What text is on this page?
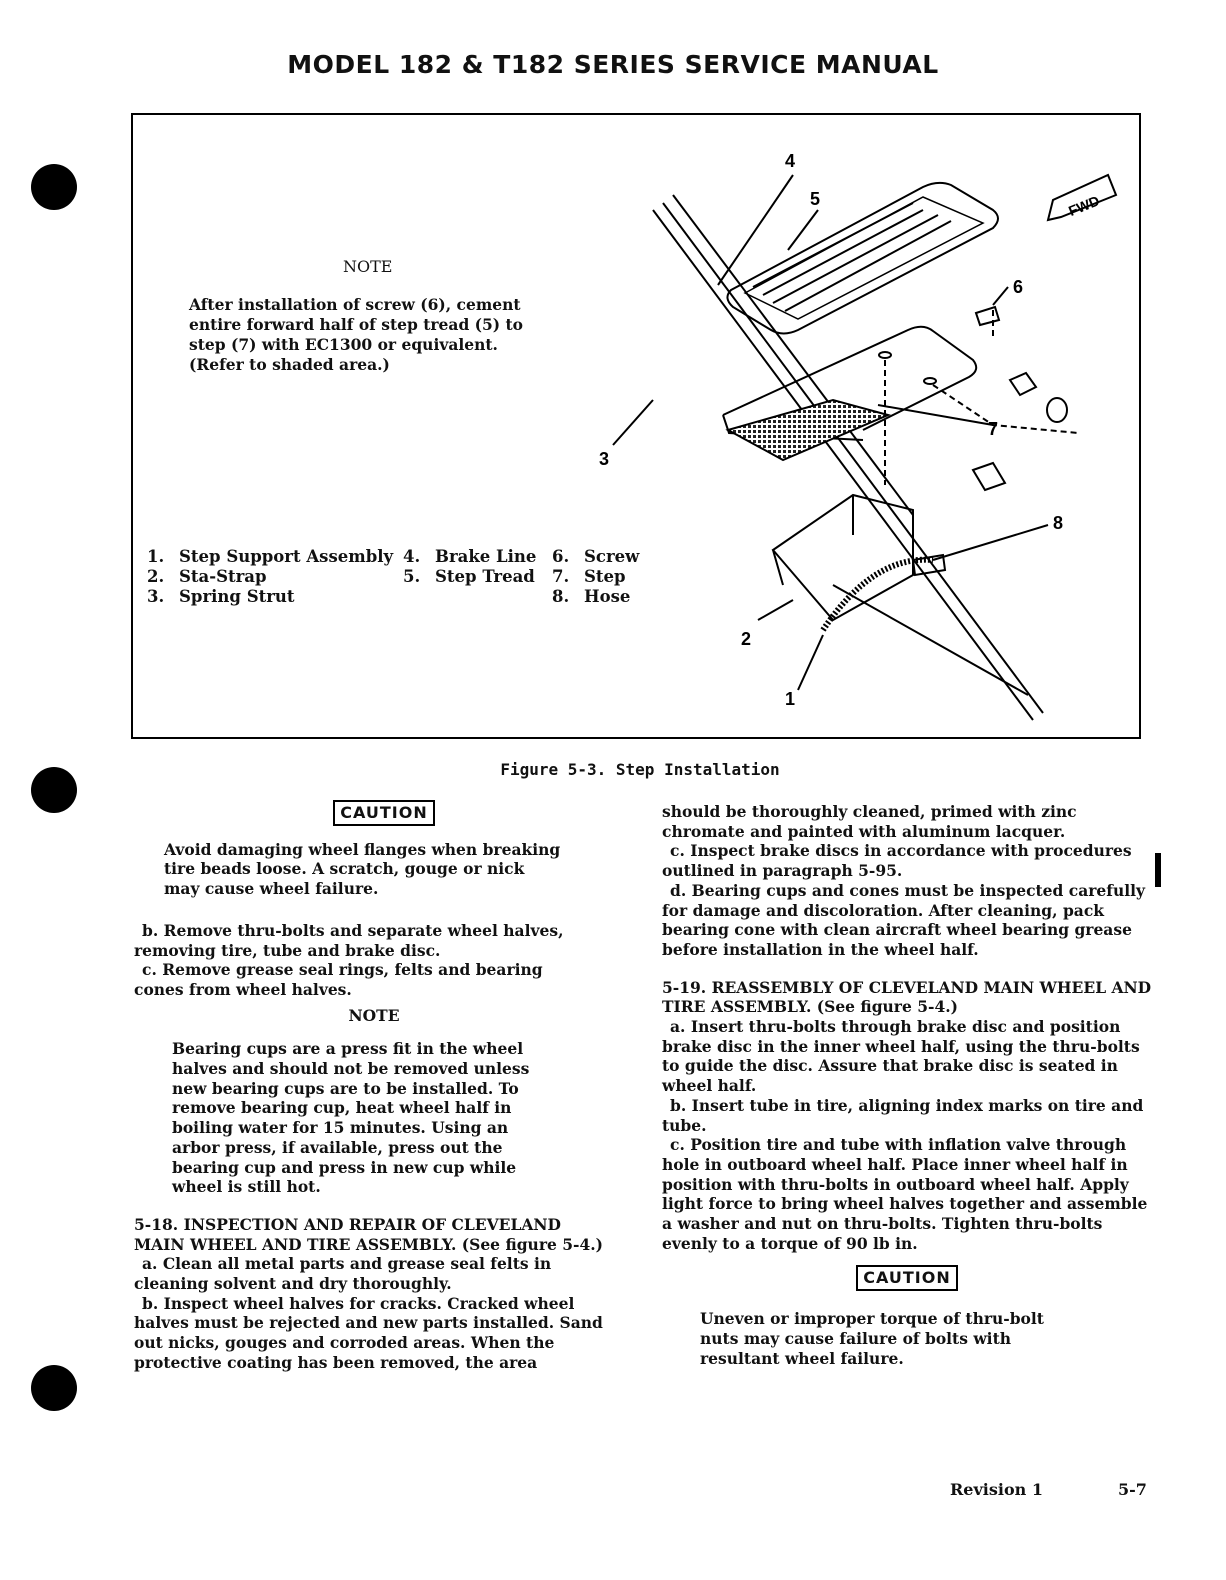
MODEL 182 & T182 SERIES SERVICE MANUAL
NOTE
After installation of screw (6), cement entire forward half of step tread (5) to step (7) with EC1300 or equivalent. (Refer to shaded area.)
1. Step Support Assembly
2. Sta-Strap
3. Spring Strut
4. Brake Line
5. Step Tread
6. Screw
7. Step
8. Hose
4
5
6
7
3
8
2
1
FWD
Figure 5-3. Step Installation
CAUTION

Avoid damaging wheel flanges when breaking tire beads loose. A scratch, gouge or nick may cause wheel failure.

b. Remove thru-bolts and separate wheel halves, removing tire, tube and brake disc.

c. Remove grease seal rings, felts and bearing cones from wheel halves.

NOTE

Bearing cups are a press fit in the wheel halves and should not be removed unless new bearing cups are to be installed. To remove bearing cup, heat wheel half in boiling water for 15 minutes. Using an arbor press, if available, press out the bearing cup and press in new cup while wheel is still hot.

5-18. INSPECTION AND REPAIR OF CLEVELAND MAIN WHEEL AND TIRE ASSEMBLY. (See figure 5-4.)

a. Clean all metal parts and grease seal felts in cleaning solvent and dry thoroughly.

b. Inspect wheel halves for cracks. Cracked wheel halves must be rejected and new parts installed. Sand out nicks, gouges and corroded areas. When the protective coating has been removed, the area

should be thoroughly cleaned, primed with zinc chromate and painted with aluminum lacquer.

c. Inspect brake discs in accordance with procedures outlined in paragraph 5-95.

d. Bearing cups and cones must be inspected carefully for damage and discoloration. After cleaning, pack bearing cone with clean aircraft wheel bearing grease before installation in the wheel half.

5-19. REASSEMBLY OF CLEVELAND MAIN WHEEL AND TIRE ASSEMBLY. (See figure 5-4.)

a. Insert thru-bolts through brake disc and position brake disc in the inner wheel half, using the thru-bolts to guide the disc. Assure that brake disc is seated in wheel half.

b. Insert tube in tire, aligning index marks on tire and tube.

c. Position tire and tube with inflation valve through hole in outboard wheel half. Place inner wheel half in position with thru-bolts in outboard wheel half. Apply light force to bring wheel halves together and assemble a washer and nut on thru-bolts. Tighten thru-bolts evenly to a torque of 90 lb in.

CAUTION

Uneven or improper torque of thru-bolt nuts may cause failure of bolts with resultant wheel failure.

Revision 1	5-7
